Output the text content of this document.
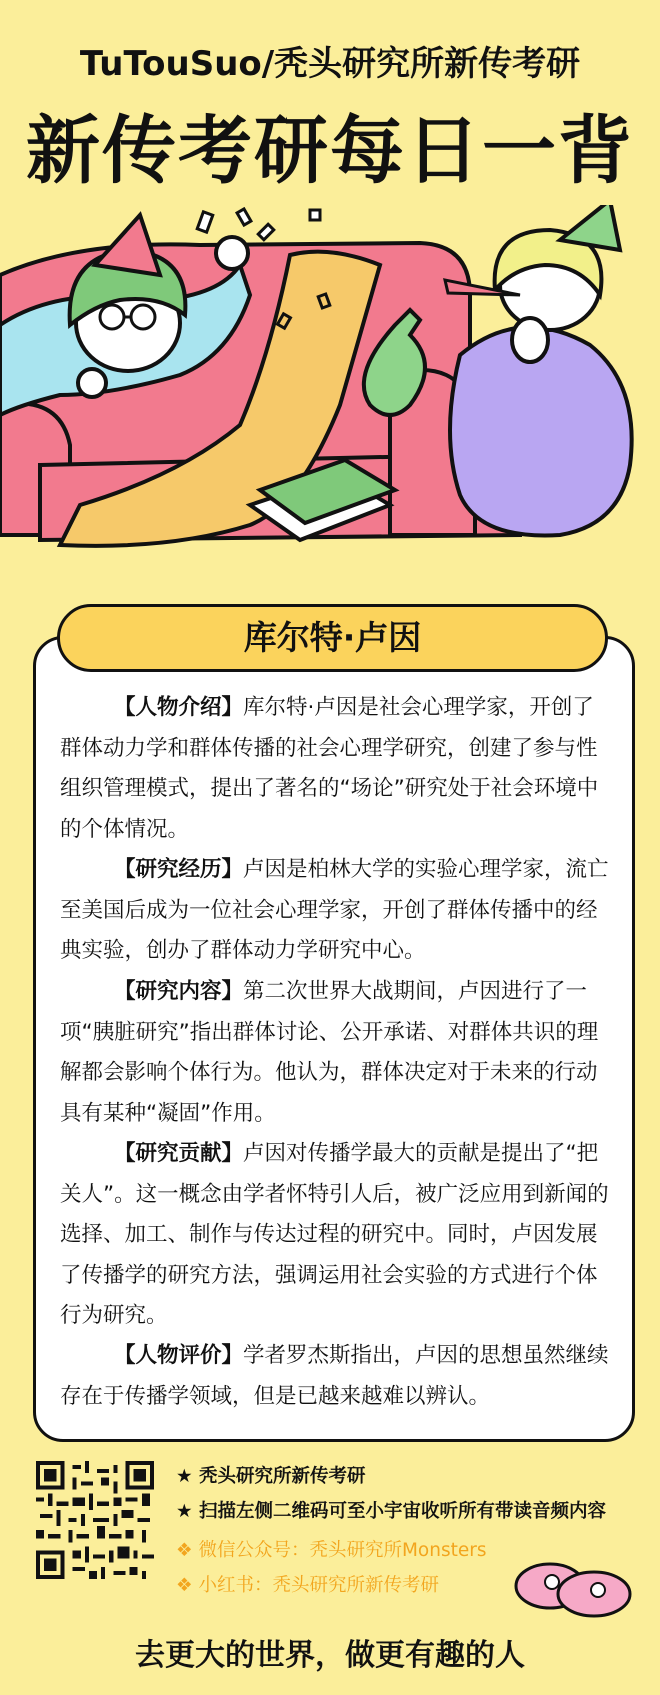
TuTouSuo/秃头研究所新传考研
新传考研每日一背
库尔特·卢因
【人物介绍】库尔特·卢因是社会心理学家，开创了群体动力学和群体传播的社会心理学研究，创建了参与性组织管理模式，提出了著名的“场论”研究处于社会环境中的个体情况。
【研究经历】卢因是柏林大学的实验心理学家，流亡至美国后成为一位社会心理学家，开创了群体传播中的经典实验，创办了群体动力学研究中心。
【研究内容】第二次世界大战期间，卢因进行了一项“胰脏研究”指出群体讨论、公开承诺、对群体共识的理解都会影响个体行为。他认为，群体决定对于未来的行动具有某种“凝固”作用。
【研究贡献】卢因对传播学最大的贡献是提出了“把关人”。这一概念由学者怀特引人后，被广泛应用到新闻的选择、加工、制作与传达过程的研究中。同时，卢因发展了传播学的研究方法，强调运用社会实验的方式进行个体行为研究。
【人物评价】学者罗杰斯指出，卢因的思想虽然继续存在于传播学领域，但是已越来越难以辨认。
★ 秃头研究所新传考研
★ 扫描左侧二维码可至小宇宙收听所有带读音频内容
❖ 微信公众号：秃头研究所Monsters
❖ 小红书：秃头研究所新传考研
去更大的世界，做更有趣的人
